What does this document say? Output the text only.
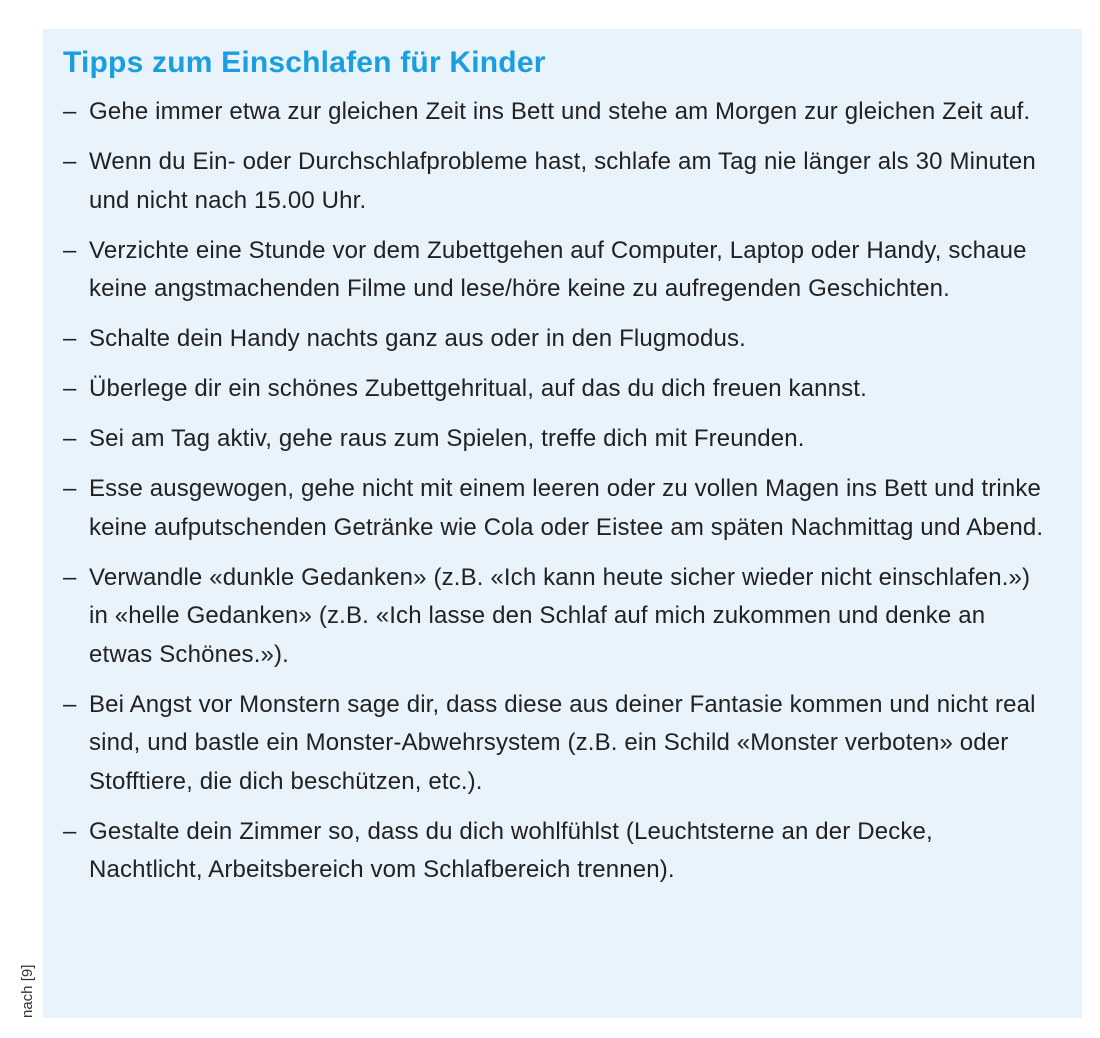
Tipps zum Einschlafen für Kinder
– Gehe immer etwa zur gleichen Zeit ins Bett und stehe am Morgen zur gleichen Zeit auf.
– Wenn du Ein- oder Durchschlafprobleme hast, schlafe am Tag nie länger als 30 Minuten und nicht nach 15.00 Uhr.
– Verzichte eine Stunde vor dem Zubettgehen auf Computer, Laptop oder Handy, schaue keine angstmachenden Filme und lese/höre keine zu aufregenden Geschichten.
– Schalte dein Handy nachts ganz aus oder in den Flugmodus.
– Überlege dir ein schönes Zubettgehritual, auf das du dich freuen kannst.
– Sei am Tag aktiv, gehe raus zum Spielen, treffe dich mit Freunden.
– Esse ausgewogen, gehe nicht mit einem leeren oder zu vollen Magen ins Bett und trinke keine aufputschenden Getränke wie Cola oder Eistee am späten Nachmittag und Abend.
– Verwandle «dunkle Gedanken» (z.B. «Ich kann heute sicher wieder nicht einschlafen.») in «helle Gedanken» (z.B. «Ich lasse den Schlaf auf mich zukommen und denke an etwas Schönes.»).
– Bei Angst vor Monstern sage dir, dass diese aus deiner Fantasie kommen und nicht real sind, und bastle ein Monster-Abwehrsystem (z.B. ein Schild «Monster verboten» oder Stofftiere, die dich beschützen, etc.).
– Gestalte dein Zimmer so, dass du dich wohlfühlst (Leuchtsterne an der Decke, Nachtlicht, Arbeitsbereich vom Schlafbereich trennen).
nach [9]
